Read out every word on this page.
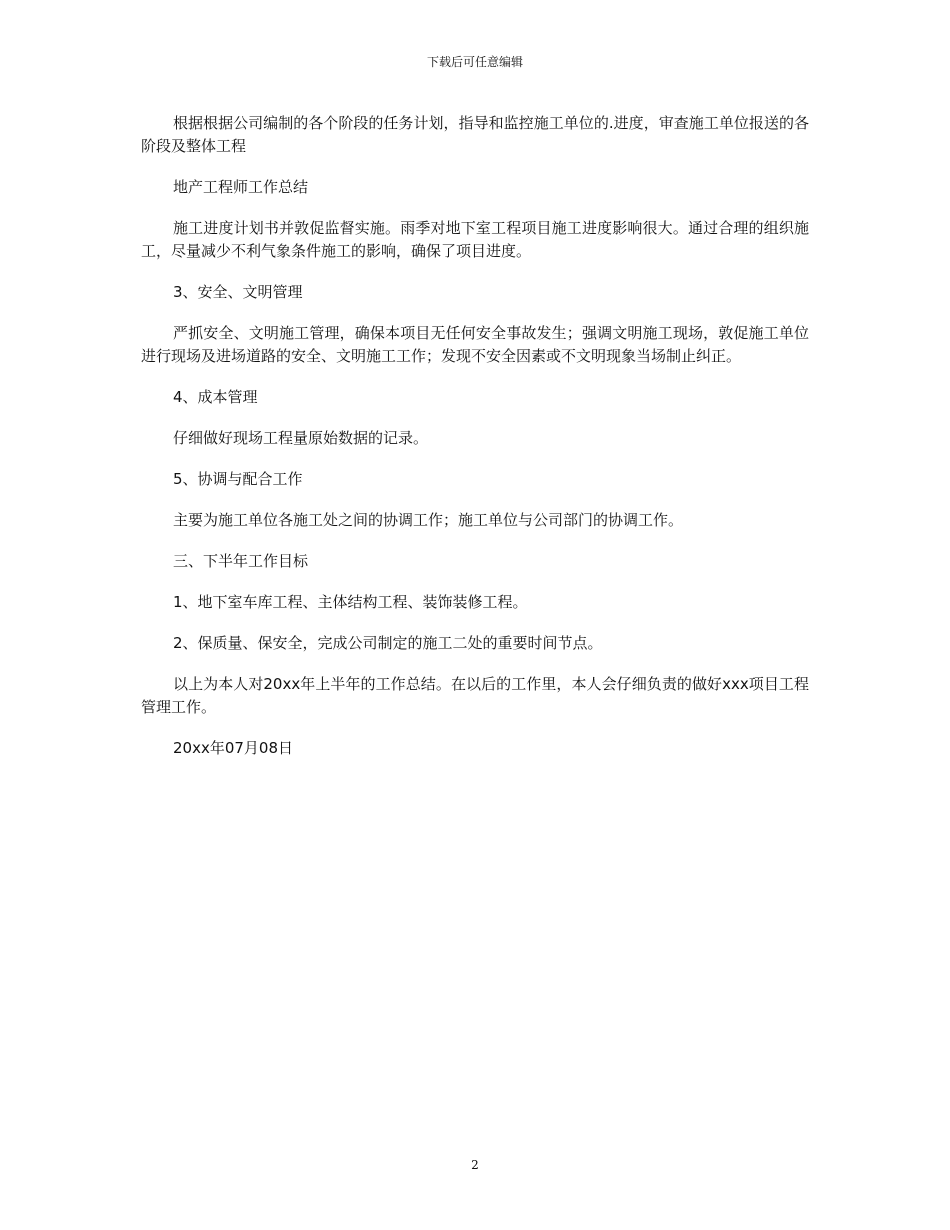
下载后可任意编辑

根据根据公司编制的各个阶段的任务计划，指导和监控施工单位的.进度，审查施工单位报送的各阶段及整体工程

地产工程师工作总结

施工进度计划书并敦促监督实施。雨季对地下室工程项目施工进度影响很大。通过合理的组织施工，尽量减少不利气象条件施工的影响，确保了项目进度。

3、安全、文明管理

严抓安全、文明施工管理，确保本项目无任何安全事故发生；强调文明施工现场，敦促施工单位进行现场及进场道路的安全、文明施工工作；发现不安全因素或不文明现象当场制止纠正。

4、成本管理

仔细做好现场工程量原始数据的记录。

5、协调与配合工作

主要为施工单位各施工处之间的协调工作；施工单位与公司部门的协调工作。

三、下半年工作目标

1、地下室车库工程、主体结构工程、装饰装修工程。

2、保质量、保安全，完成公司制定的施工二处的重要时间节点。

以上为本人对20xx年上半年的工作总结。在以后的工作里，本人会仔细负责的做好xxx项目工程管理工作。

20xx年07月08日

2
